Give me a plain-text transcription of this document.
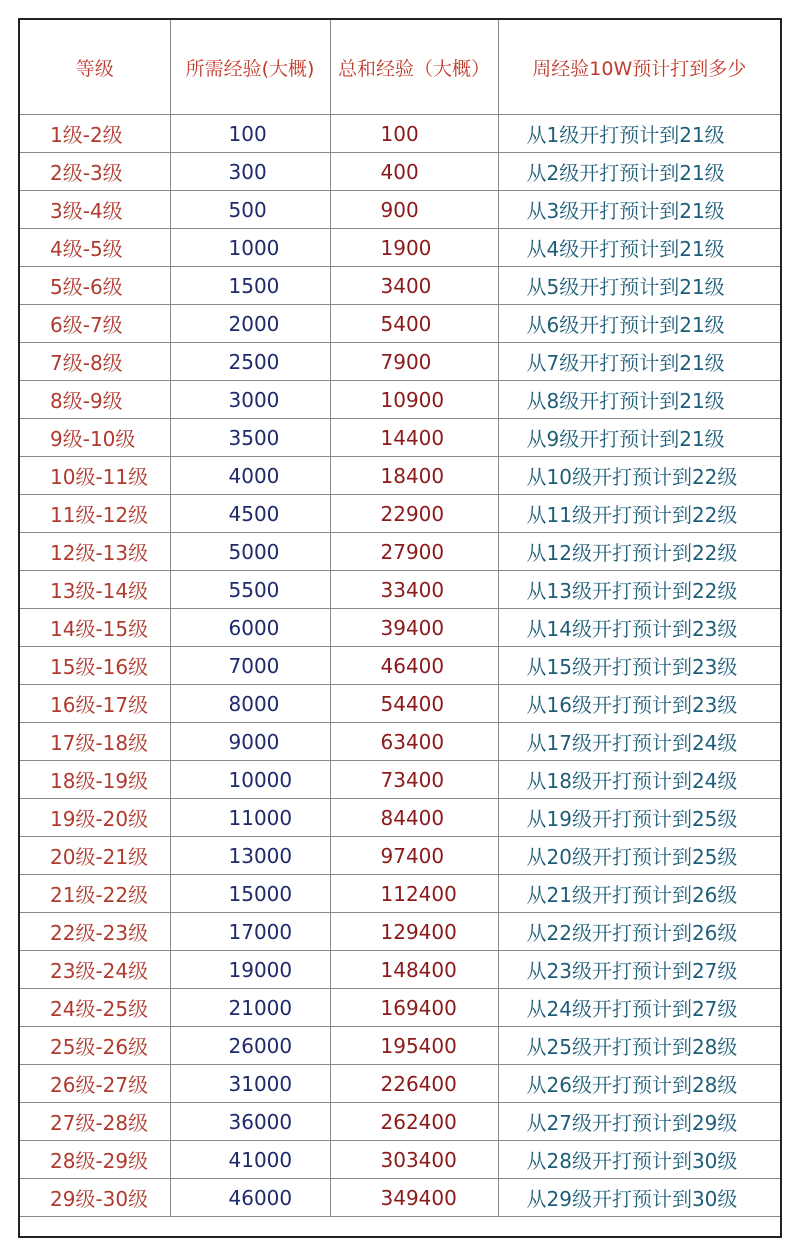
等级	所需经验(大概)	总和经验（大概）	周经验10W预计打到多少
1级-2级	100	100	从1级开打预计到21级
2级-3级	300	400	从2级开打预计到21级
3级-4级	500	900	从3级开打预计到21级
4级-5级	1000	1900	从4级开打预计到21级
5级-6级	1500	3400	从5级开打预计到21级
6级-7级	2000	5400	从6级开打预计到21级
7级-8级	2500	7900	从7级开打预计到21级
8级-9级	3000	10900	从8级开打预计到21级
9级-10级	3500	14400	从9级开打预计到21级
10级-11级	4000	18400	从10级开打预计到22级
11级-12级	4500	22900	从11级开打预计到22级
12级-13级	5000	27900	从12级开打预计到22级
13级-14级	5500	33400	从13级开打预计到22级
14级-15级	6000	39400	从14级开打预计到23级
15级-16级	7000	46400	从15级开打预计到23级
16级-17级	8000	54400	从16级开打预计到23级
17级-18级	9000	63400	从17级开打预计到24级
18级-19级	10000	73400	从18级开打预计到24级
19级-20级	11000	84400	从19级开打预计到25级
20级-21级	13000	97400	从20级开打预计到25级
21级-22级	15000	112400	从21级开打预计到26级
22级-23级	17000	129400	从22级开打预计到26级
23级-24级	19000	148400	从23级开打预计到27级
24级-25级	21000	169400	从24级开打预计到27级
25级-26级	26000	195400	从25级开打预计到28级
26级-27级	31000	226400	从26级开打预计到28级
27级-28级	36000	262400	从27级开打预计到29级
28级-29级	41000	303400	从28级开打预计到30级
29级-30级	46000	349400	从29级开打预计到30级
